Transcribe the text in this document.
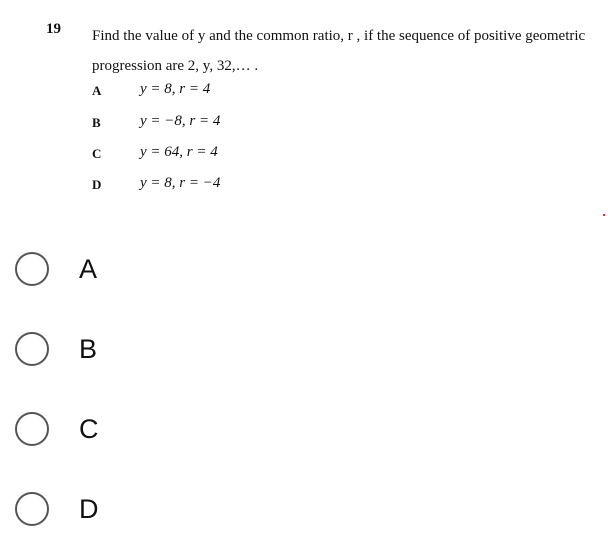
19 Find the value of y and the common ratio, r , if the sequence of positive geometric progression are 2, y, 32,… .
A	y = 8, r = 4
B	y = −8, r = 4
C	y = 64, r = 4
D	y = 8, r = −4
A
B
C
D
